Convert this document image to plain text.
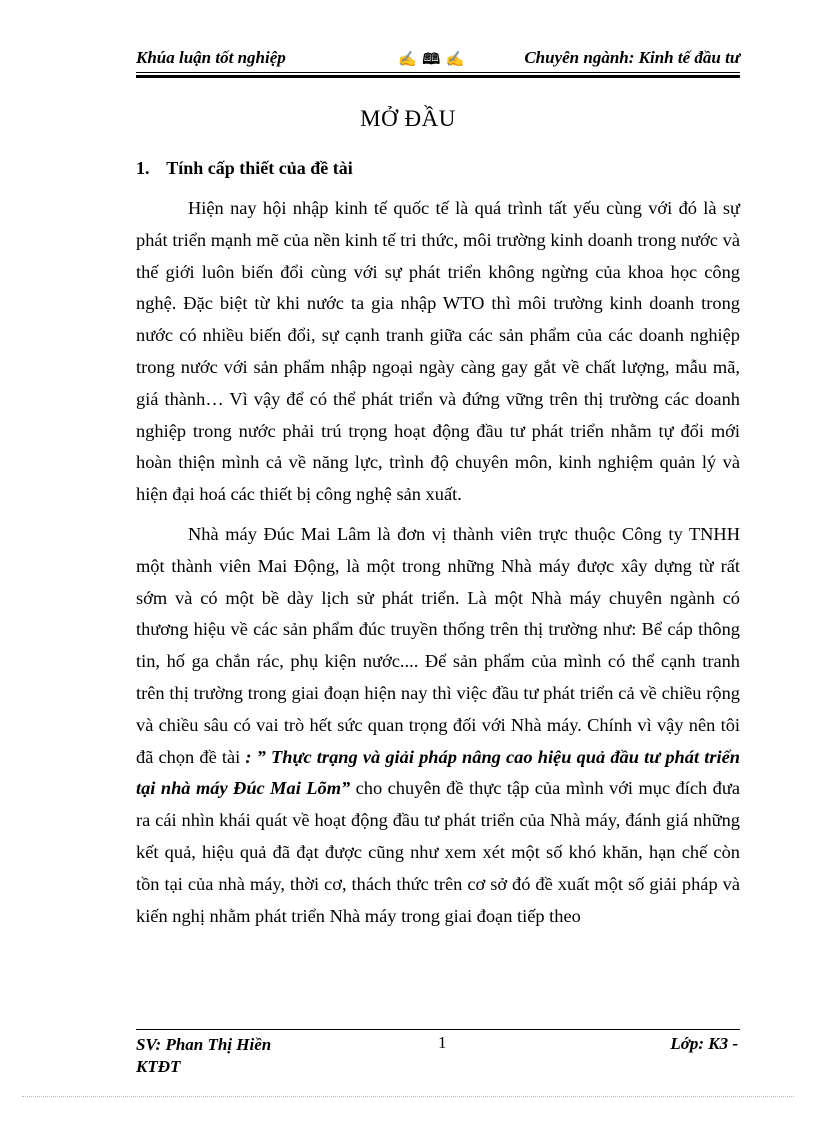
Khúa luận tốt nghiệp	✍ 🕮 ✍	Chuyên ngành: Kinh tế đầu tư
MỞ ĐẦU
1. Tính cấp thiết của đề tài

Hiện nay hội nhập kinh tế quốc tế là quá trình tất yếu cùng với đó là sự phát triển mạnh mẽ của nền kinh tế tri thức, môi trường kinh doanh trong nước và thế giới luôn biến đổi cùng với sự phát triển không ngừng của khoa học công nghệ. Đặc biệt từ khi nước ta gia nhập WTO thì môi trường kinh doanh trong nước có nhiều biến đổi, sự cạnh tranh giữa các sản phẩm của các doanh nghiệp trong nước với sản phẩm nhập ngoại ngày càng gay gắt về chất lượng, mẫu mã, giá thành… Vì vậy để có thể phát triển và đứng vững trên thị trường các doanh nghiệp trong nước phải trú trọng hoạt động đầu tư phát triển nhằm tự đổi mới hoàn thiện mình cả về năng lực, trình độ chuyên môn, kinh nghiệm quản lý và hiện đại hoá các thiết bị công nghệ sản xuất.

Nhà máy Đúc Mai Lâm là đơn vị thành viên trực thuộc Công ty TNHH một thành viên Mai Động, là một trong những Nhà máy được xây dựng từ rất sớm và có một bề dày lịch sử phát triển. Là một Nhà máy chuyên ngành có thương hiệu về các sản phẩm đúc truyền thống trên thị trường như: Bể cáp thông tin, hố ga chắn rác, phụ kiện nước.... Để sản phẩm của mình có thể cạnh tranh trên thị trường trong giai đoạn hiện nay thì việc đầu tư phát triển cả về chiều rộng và chiều sâu có vai trò hết sức quan trọng đối với Nhà máy. Chính vì vậy nên tôi đã chọn đề tài : ” Thực trạng và giải pháp nâng cao hiệu quả đầu tư phát triển tại nhà máy Đúc Mai Lõm” cho chuyên đề thực tập của mình với mục đích đưa ra cái nhìn khái quát về hoạt động đầu tư phát triển của Nhà máy, đánh giá những kết quả, hiệu quả đã đạt được cũng như xem xét một số khó khăn, hạn chế còn tồn tại của nhà máy, thời cơ, thách thức trên cơ sở đó đề xuất một số giải pháp và kiến nghị nhằm phát triển Nhà máy trong giai đoạn tiếp theo

SV: Phan Thị Hiền
KTĐT
1	Lớp: K3 -
